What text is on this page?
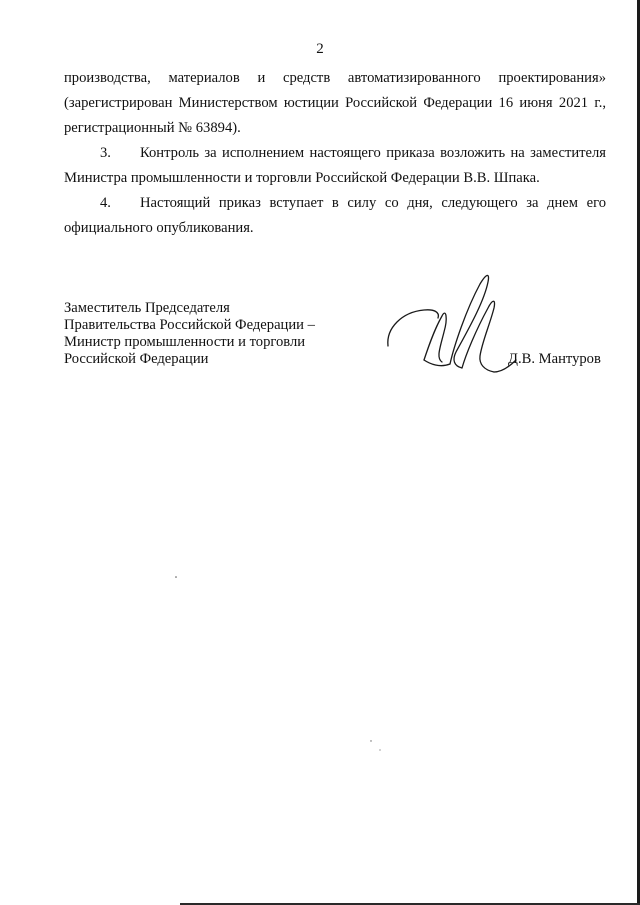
2

производства, материалов и средств автоматизированного проектирования» (зарегистрирован Министерством юстиции Российской Федерации 16 июня 2021 г., регистрационный № 63894).

3. Контроль за исполнением настоящего приказа возложить на заместителя Министра промышленности и торговли Российской Федерации В.В. Шпака.

4. Настоящий приказ вступает в силу со дня, следующего за днем его официального опубликования.

Заместитель Председателя
Правительства Российской Федерации –
Министр промышленности и торговли
Российской Федерации	Д.В. Мантуров
